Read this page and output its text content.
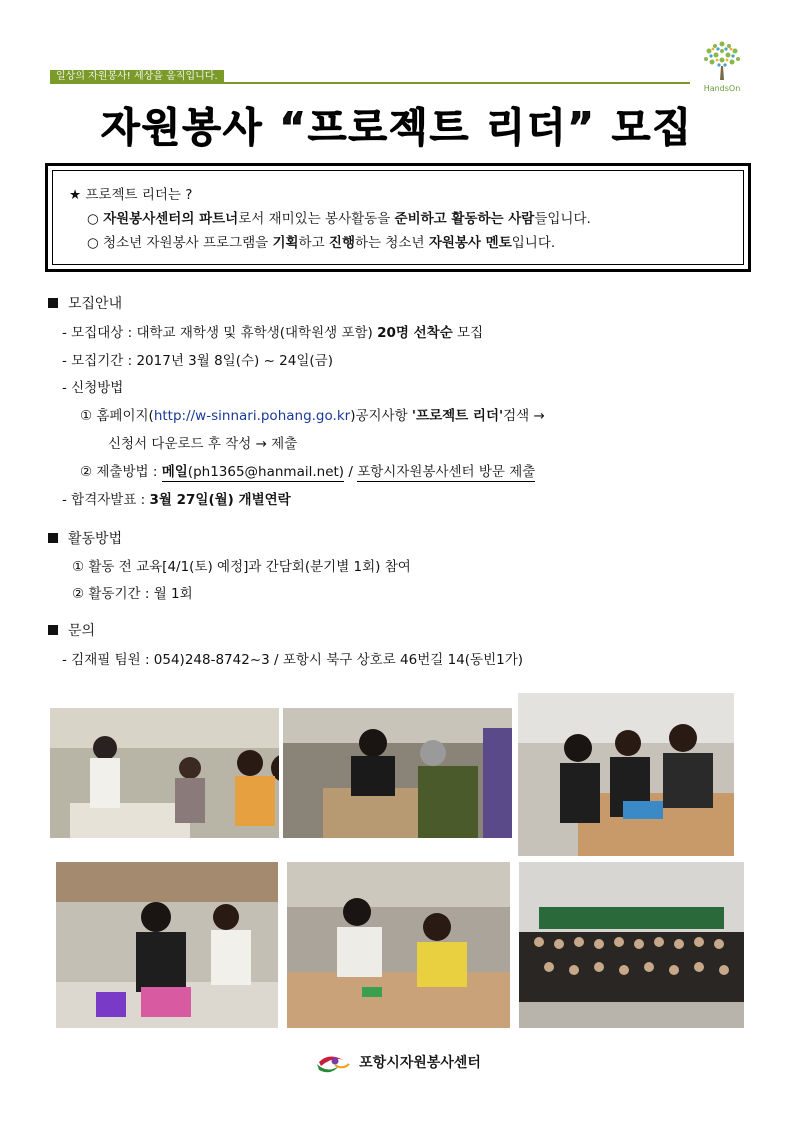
일상의 자원봉사! 세상을 움직입니다.
HandsOn
자원봉사 “프로젝트 리더” 모집

★ 프로젝트 리더는 ?

○ 자원봉사센터의 파트너로서 재미있는 봉사활동을 준비하고 활동하는 사람들입니다.

○ 청소년 자원봉사 프로그램을 기획하고 진행하는 청소년 자원봉사 멘토입니다.

모집안내
- 모집대상 : 대학교 재학생 및 휴학생(대학원생 포함) 20명 선착순 모집
- 모집기간 : 2017년 3월 8일(수) ~ 24일(금)
- 신청방법
① 홈페이지(http://w-sinnari.pohang.go.kr)공지사항 '프로젝트 리더'검색 →
신청서 다운로드 후 작성 → 제출
② 제출방법 : 메일(ph1365@hanmail.net) / 포항시자원봉사센터 방문 제출
- 합격자발표 : 3월 27일(월) 개별연락
활동방법
① 활동 전 교육[4/1(토) 예정]과 간담회(분기별 1회) 참여
② 활동기간 : 월 1회
문의
- 김재필 팀원 : 054)248-8742~3 / 포항시 북구 상호로 46번길 14(동빈1가)
포항시자원봉사센터
